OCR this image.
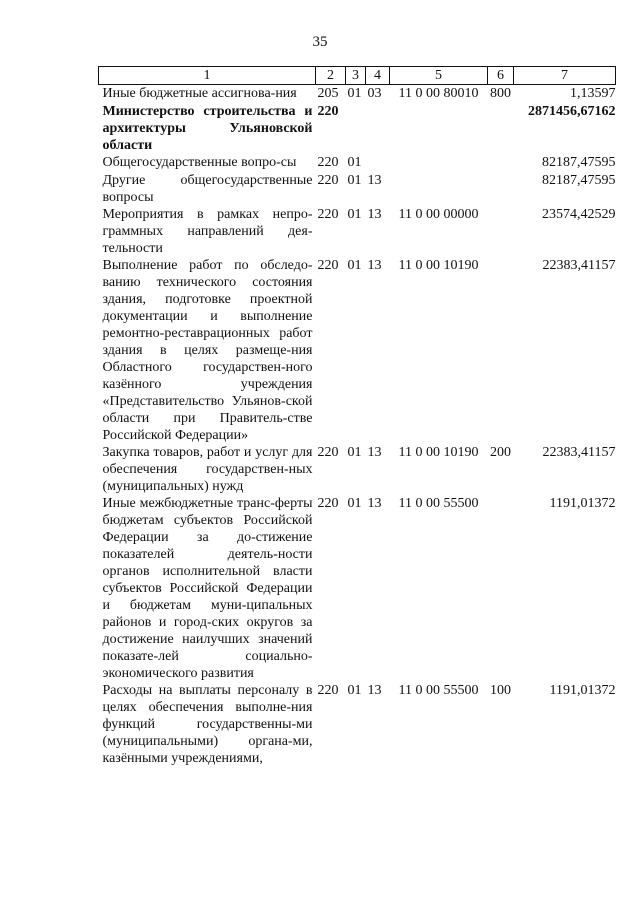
35
1	2	3	4	5	6	7
Иные бюджетные ассигнова-ния	205	01	03	11 0 00 80010	800	1,13597
Министерство строительства и архитектуры Ульяновской области	220					2871456,67162
Общегосударственные вопро-сы	220	01				82187,47595
Другие общегосударственные вопросы	220	01	13			82187,47595
Мероприятия в рамках непро-граммных направлений дея-тельности	220	01	13	11 0 00 00000		23574,42529
Выполнение работ по обследо-ванию технического состояния здания, подготовке проектной документации и выполнение ремонтно-реставрационных работ здания в целях размеще-ния Областного государствен-ного казённого учреждения «Представительство Ульянов-ской области при Правитель-стве Российской Федерации»	220	01	13	11 0 00 10190		22383,41157
Закупка товаров, работ и услуг для обеспечения государствен-ных (муниципальных) нужд	220	01	13	11 0 00 10190	200	22383,41157
Иные межбюджетные транс-ферты бюджетам субъектов Российской Федерации за до-стижение показателей деятель-ности органов исполнительной власти субъектов Российской Федерации и бюджетам муни-ципальных районов и город-ских округов за достижение наилучших значений показате-лей социально-экономического развития	220	01	13	11 0 00 55500		1191,01372
Расходы на выплаты персоналу в целях обеспечения выполне-ния функций государственны-ми (муниципальными) органа-ми, казёнными учреждениями,	220	01	13	11 0 00 55500	100	1191,01372
